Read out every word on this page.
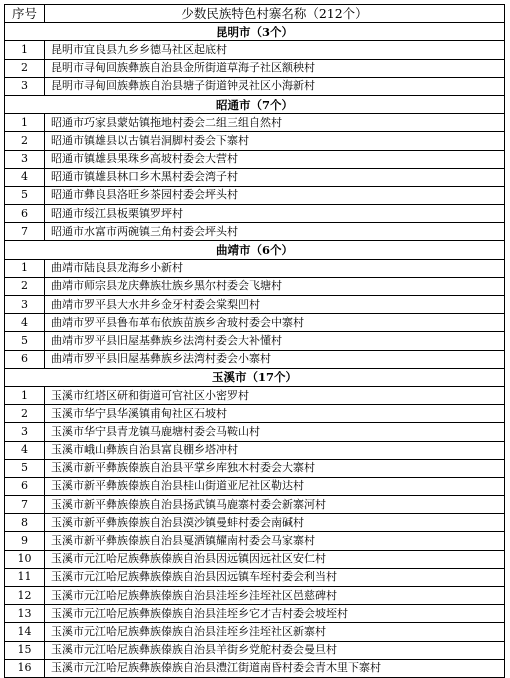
序号	少数民族特色村寨名称（212个）
昆明市（3个）	
1	昆明市宜良县九乡乡德马社区起底村
2	昆明市寻甸回族彝族自治县金所街道草海子社区额秧村
3	昆明市寻甸回族彝族自治县塘子街道钟灵社区小海新村
昭通市（7个）	
1	昭通市巧家县蒙姑镇拖地村委会二组三组自然村
2	昭通市镇雄县以古镇岩洞脚村委会下寨村
3	昭通市镇雄县果珠乡高坡村委会大营村
4	昭通市镇雄县林口乡木黑村委会湾子村
5	昭通市彝良县洛旺乡茶园村委会坪头村
6	昭通市绥江县板栗镇罗坪村
7	昭通市水富市两碗镇三角村委会坪头村
曲靖市（6个）	
1	曲靖市陆良县龙海乡小新村
2	曲靖市师宗县龙庆彝族壮族乡黑尔村委会飞塘村
3	曲靖市罗平县大水井乡金牙村委会棠梨凹村
4	曲靖市罗平县鲁布革布依族苗族乡舍玻村委会中寨村
5	曲靖市罗平县旧屋基彝族乡法湾村委会大补懂村
6	曲靖市罗平县旧屋基彝族乡法湾村委会小寨村
玉溪市（17个）	
1	玉溪市红塔区研和街道可官社区小密罗村
2	玉溪市华宁县华溪镇甫甸社区石坡村
3	玉溪市华宁县青龙镇马鹿塘村委会马鞍山村
4	玉溪市峨山彝族自治县富良棚乡塔冲村
5	玉溪市新平彝族傣族自治县平掌乡库独木村委会大寨村
6	玉溪市新平彝族傣族自治县桂山街道亚尼社区勒达村
7	玉溪市新平彝族傣族自治县扬武镇马鹿寨村委会新寨河村
8	玉溪市新平彝族傣族自治县漠沙镇曼蚌村委会南碱村
9	玉溪市新平彝族傣族自治县戛洒镇耀南村委会马家寨村
10	玉溪市元江哈尼族彝族傣族自治县因远镇因远社区安仁村
11	玉溪市元江哈尼族彝族傣族自治县因远镇车垤村委会利当村
12	玉溪市元江哈尼族彝族傣族自治县洼垤乡洼垤社区邑慈碑村
13	玉溪市元江哈尼族彝族傣族自治县洼垤乡它才吉村委会坡垤村
14	玉溪市元江哈尼族彝族傣族自治县洼垤乡洼垤社区新寨村
15	玉溪市元江哈尼族彝族傣族自治县羊街乡党舵村委会曼旦村
16	玉溪市元江哈尼族彝族傣族自治县澧江街道南昏村委会青木里下寨村
